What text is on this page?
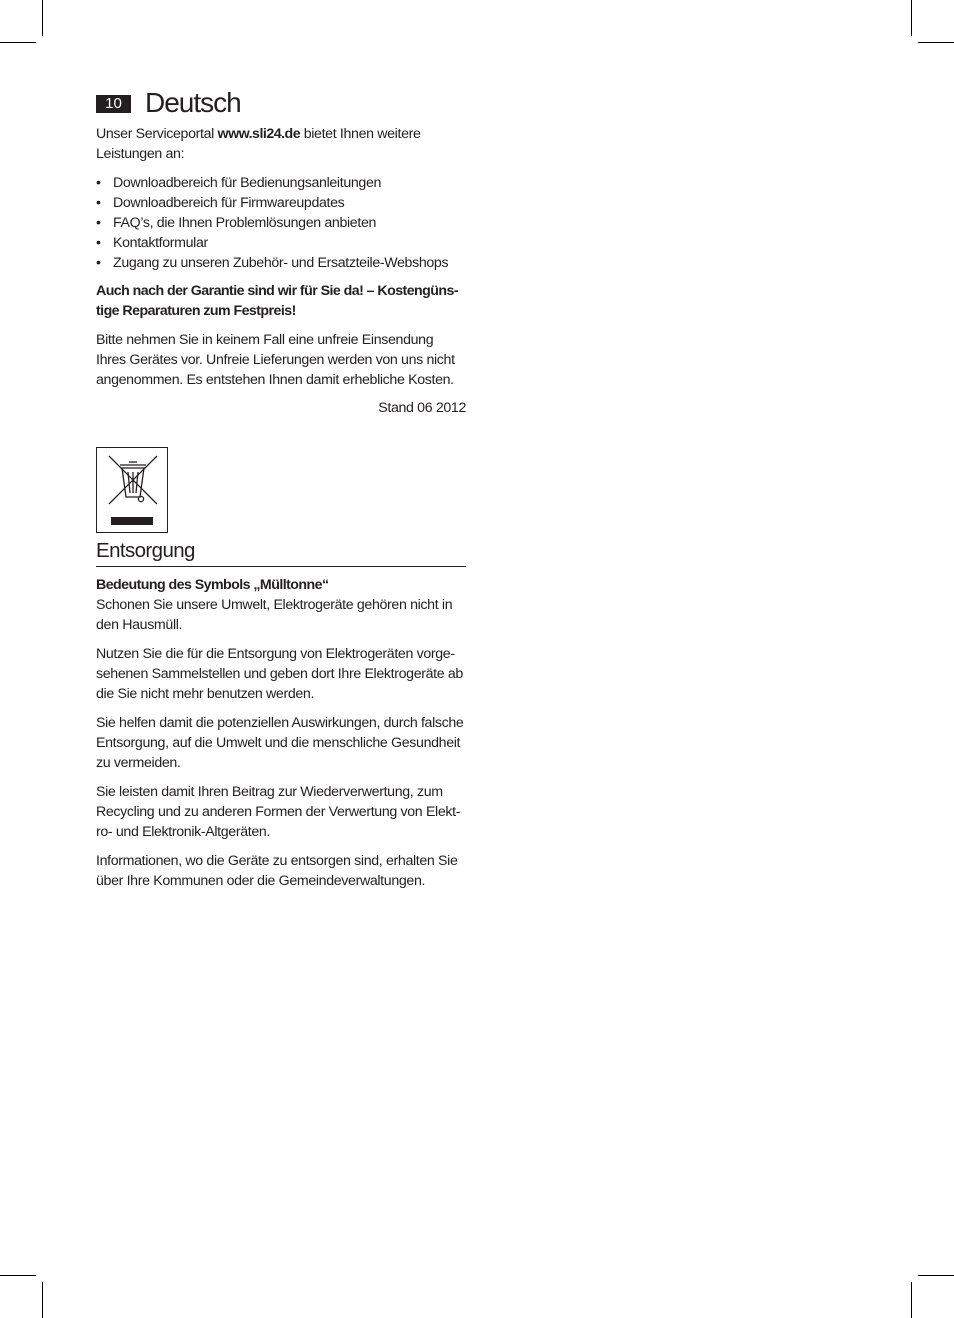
10 Deutsch

Unser Serviceportal www.sli24.de bietet Ihnen weitere Leistungen an:

• Downloadbereich für Bedienungsanleitungen
• Downloadbereich für Firmwareupdates
• FAQ’s, die Ihnen Problemlösungen anbieten
• Kontaktformular
• Zugang zu unseren Zubehör- und Ersatzteile-Webshops

Auch nach der Garantie sind wir für Sie da! – Kostengüns-tige Reparaturen zum Festpreis!

Bitte nehmen Sie in keinem Fall eine unfreie Einsendung Ihres Gerätes vor. Unfreie Lieferungen werden von uns nicht angenommen. Es entstehen Ihnen damit erhebliche Kosten.

Stand 06 2012

Entsorgung

Bedeutung des Symbols „Mülltonne“

Schonen Sie unsere Umwelt, Elektrogeräte gehören nicht in den Hausmüll.

Nutzen Sie die für die Entsorgung von Elektrogeräten vorge-sehenen Sammelstellen und geben dort Ihre Elektrogeräte ab die Sie nicht mehr benutzen werden.

Sie helfen damit die potenziellen Auswirkungen, durch falsche Entsorgung, auf die Umwelt und die menschliche Gesundheit zu vermeiden.

Sie leisten damit Ihren Beitrag zur Wiederverwertung, zum Recycling und zu anderen Formen der Verwertung von Elekt-ro- und Elektronik-Altgeräten.

Informationen, wo die Geräte zu entsorgen sind, erhalten Sie über Ihre Kommunen oder die Gemeindeverwaltungen.
